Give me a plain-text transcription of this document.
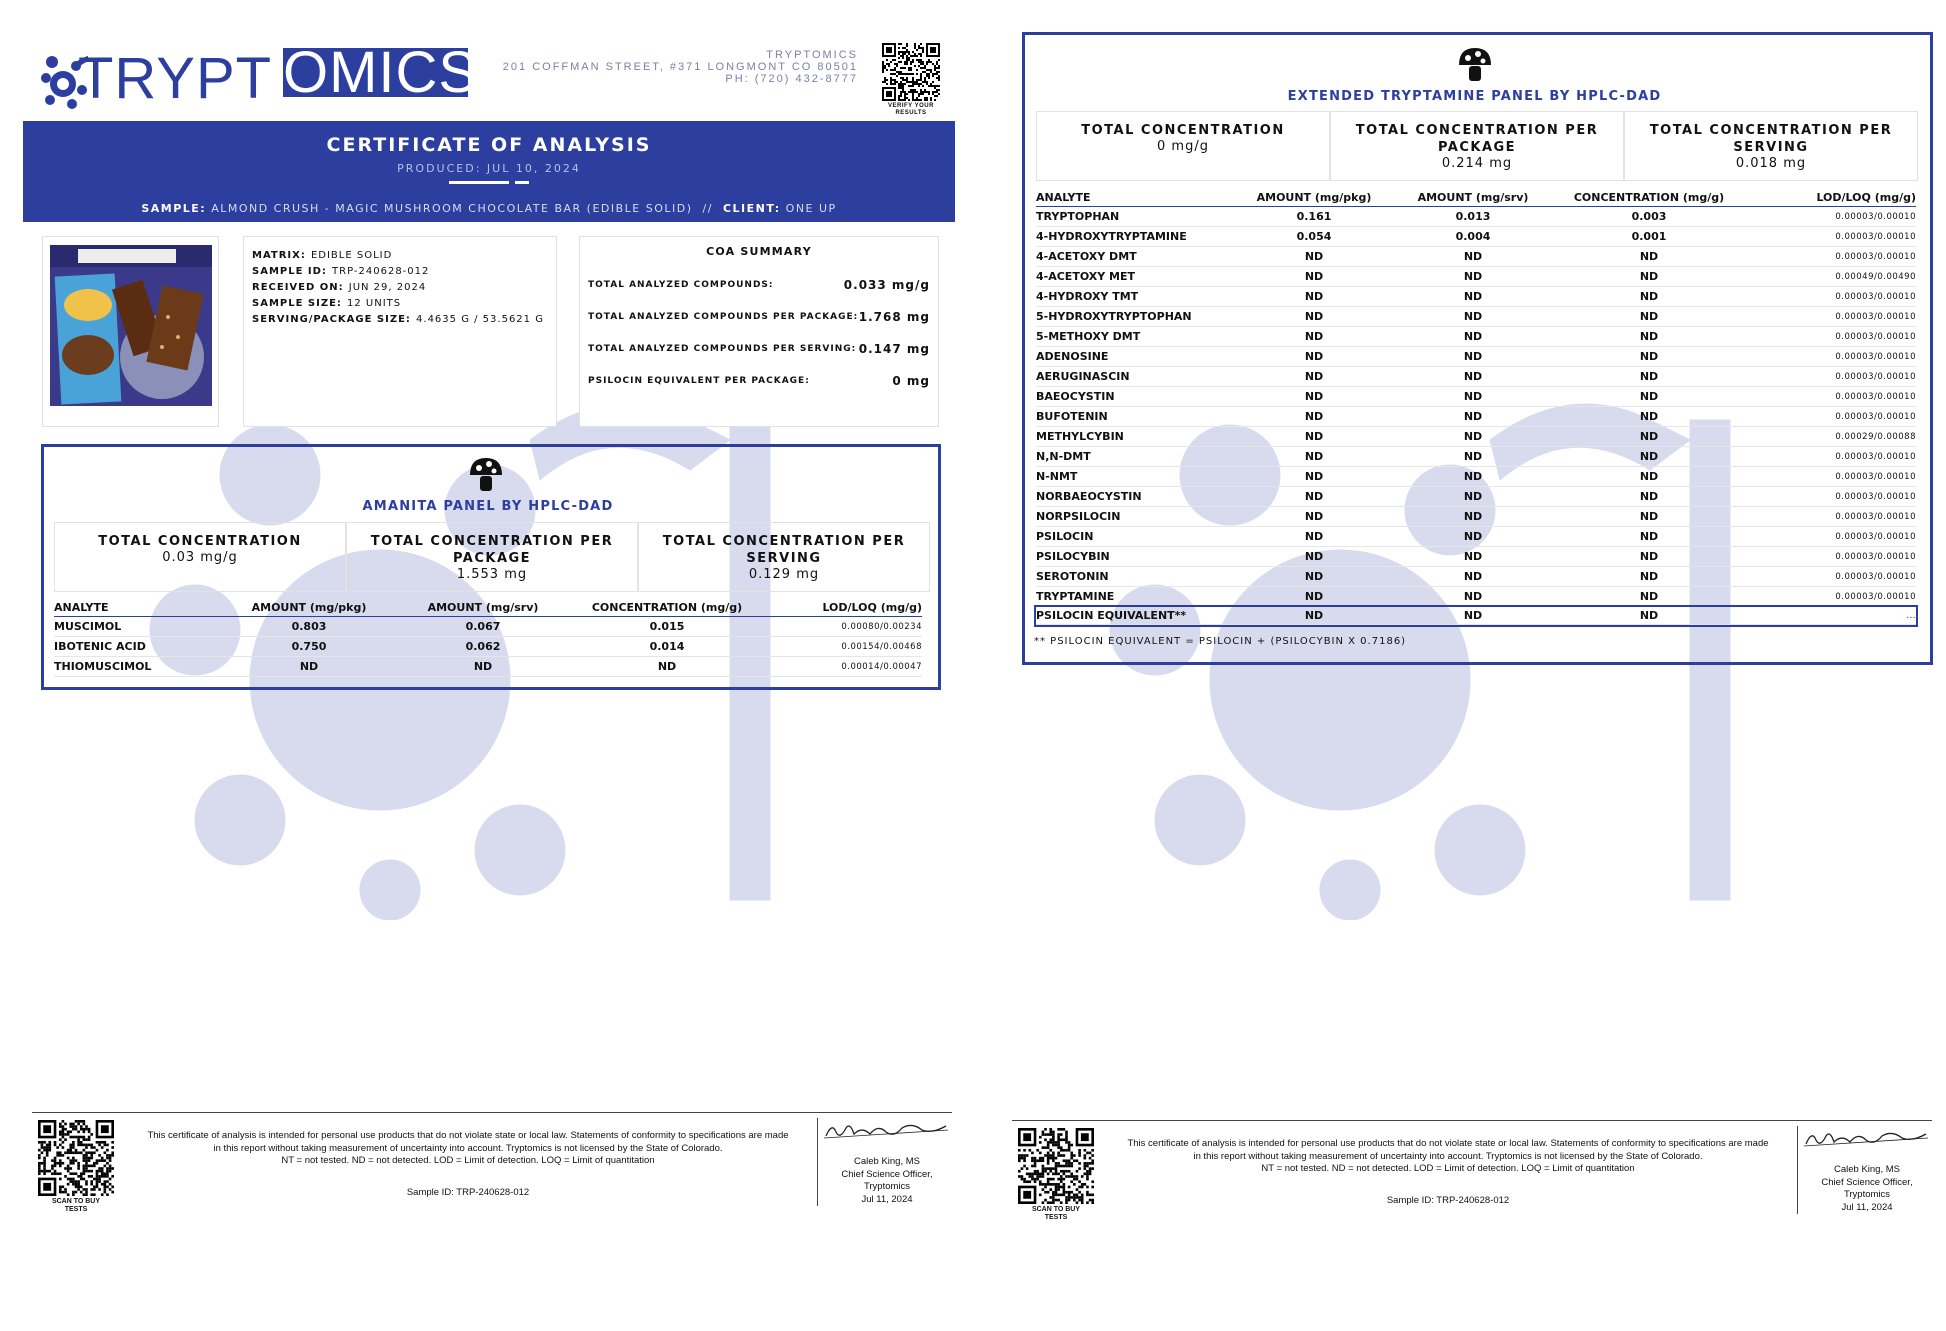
TRYPT OMICS	TRYPTOMICS
201 COFFMAN STREET, #371 LONGMONT CO 80501
PH: (720) 432-8777
VERIFY YOUR
RESULTS
CERTIFICATE OF ANALYSIS
PRODUCED: JUL 10, 2024
SAMPLE: ALMOND CRUSH - MAGIC MUSHROOM CHOCOLATE BAR (EDIBLE SOLID) // CLIENT: ONE UP
MATRIX: EDIBLE SOLID
SAMPLE ID: TRP-240628-012
RECEIVED ON: JUN 29, 2024
SAMPLE SIZE: 12 UNITS
SERVING/PACKAGE SIZE: 4.4635 G / 53.5621 G
COA SUMMARY
TOTAL ANALYZED COMPOUNDS:	0.033 mg/g
TOTAL ANALYZED COMPOUNDS PER PACKAGE: 1.768 mg
TOTAL ANALYZED COMPOUNDS PER SERVING: 0.147 mg
PSILOCIN EQUIVALENT PER PACKAGE:	0 mg
AMANITA PANEL BY HPLC-DAD
TOTAL CONCENTRATION
0.03 mg/g
TOTAL CONCENTRATION PER PACKAGE
1.553 mg
TOTAL CONCENTRATION PER SERVING
0.129 mg
ANALYTE	AMOUNT (mg/pkg)	AMOUNT (mg/srv)	CONCENTRATION (mg/g)	LOD/LOQ (mg/g)
MUSCIMOL	0.803	0.067	0.015	0.00080/0.00234
IBOTENIC ACID	0.750	0.062	0.014	0.00154/0.00468
THIOMUSCIMOL	ND	ND	ND	0.00014/0.00047
EXTENDED TRYPTAMINE PANEL BY HPLC-DAD
TOTAL CONCENTRATION
0 mg/g
TOTAL CONCENTRATION PER PACKAGE
0.214 mg
TOTAL CONCENTRATION PER SERVING
0.018 mg
ANALYTE	AMOUNT (mg/pkg)	AMOUNT (mg/srv)	CONCENTRATION (mg/g)	LOD/LOQ (mg/g)
TRYPTOPHAN	0.161	0.013	0.003	0.00003/0.00010
4-HYDROXYTRYPTAMINE	0.054	0.004	0.001	0.00003/0.00010
4-ACETOXY DMT	ND	ND	ND	0.00003/0.00010
4-ACETOXY MET	ND	ND	ND	0.00049/0.00490
4-HYDROXY TMT	ND	ND	ND	0.00003/0.00010
5-HYDROXYTRYPTOPHAN	ND	ND	ND	0.00003/0.00010
5-METHOXY DMT	ND	ND	ND	0.00003/0.00010
ADENOSINE	ND	ND	ND	0.00003/0.00010
AERUGINASCIN	ND	ND	ND	0.00003/0.00010
BAEOCYSTIN	ND	ND	ND	0.00003/0.00010
BUFOTENIN	ND	ND	ND	0.00003/0.00010
METHYLCYBIN	ND	ND	ND	0.00029/0.00088
N,N-DMT	ND	ND	ND	0.00003/0.00010
N-NMT	ND	ND	ND	0.00003/0.00010
NORBAEOCYSTIN	ND	ND	ND	0.00003/0.00010
NORPSILOCIN	ND	ND	ND	0.00003/0.00010
PSILOCIN	ND	ND	ND	0.00003/0.00010
PSILOCYBIN	ND	ND	ND	0.00003/0.00010
SEROTONIN	ND	ND	ND	0.00003/0.00010
TRYPTAMINE	ND	ND	ND	0.00003/0.00010
PSILOCIN EQUIVALENT**	ND	ND	ND	...
** PSILOCIN EQUIVALENT = PSILOCIN + (PSILOCYBIN X 0.7186)
SCAN TO BUY
TESTS
This certificate of analysis is intended for personal use products that do not violate state or local law. Statements of conformity to specifications are made
in this report without taking measurement of uncertainty into account. Tryptomics is not licensed by the State of Colorado.
NT = not tested. ND = not detected. LOD = Limit of detection. LOQ = Limit of quantitation
Sample ID: TRP-240628-012
Caleb King, MS
Chief Science Officer,
Tryptomics
Jul 11, 2024
SCAN TO BUY
TESTS
This certificate of analysis is intended for personal use products that do not violate state or local law. Statements of conformity to specifications are made
in this report without taking measurement of uncertainty into account. Tryptomics is not licensed by the State of Colorado.
NT = not tested. ND = not detected. LOD = Limit of detection. LOQ = Limit of quantitation
Sample ID: TRP-240628-012
Caleb King, MS
Chief Science Officer,
Tryptomics
Jul 11, 2024
